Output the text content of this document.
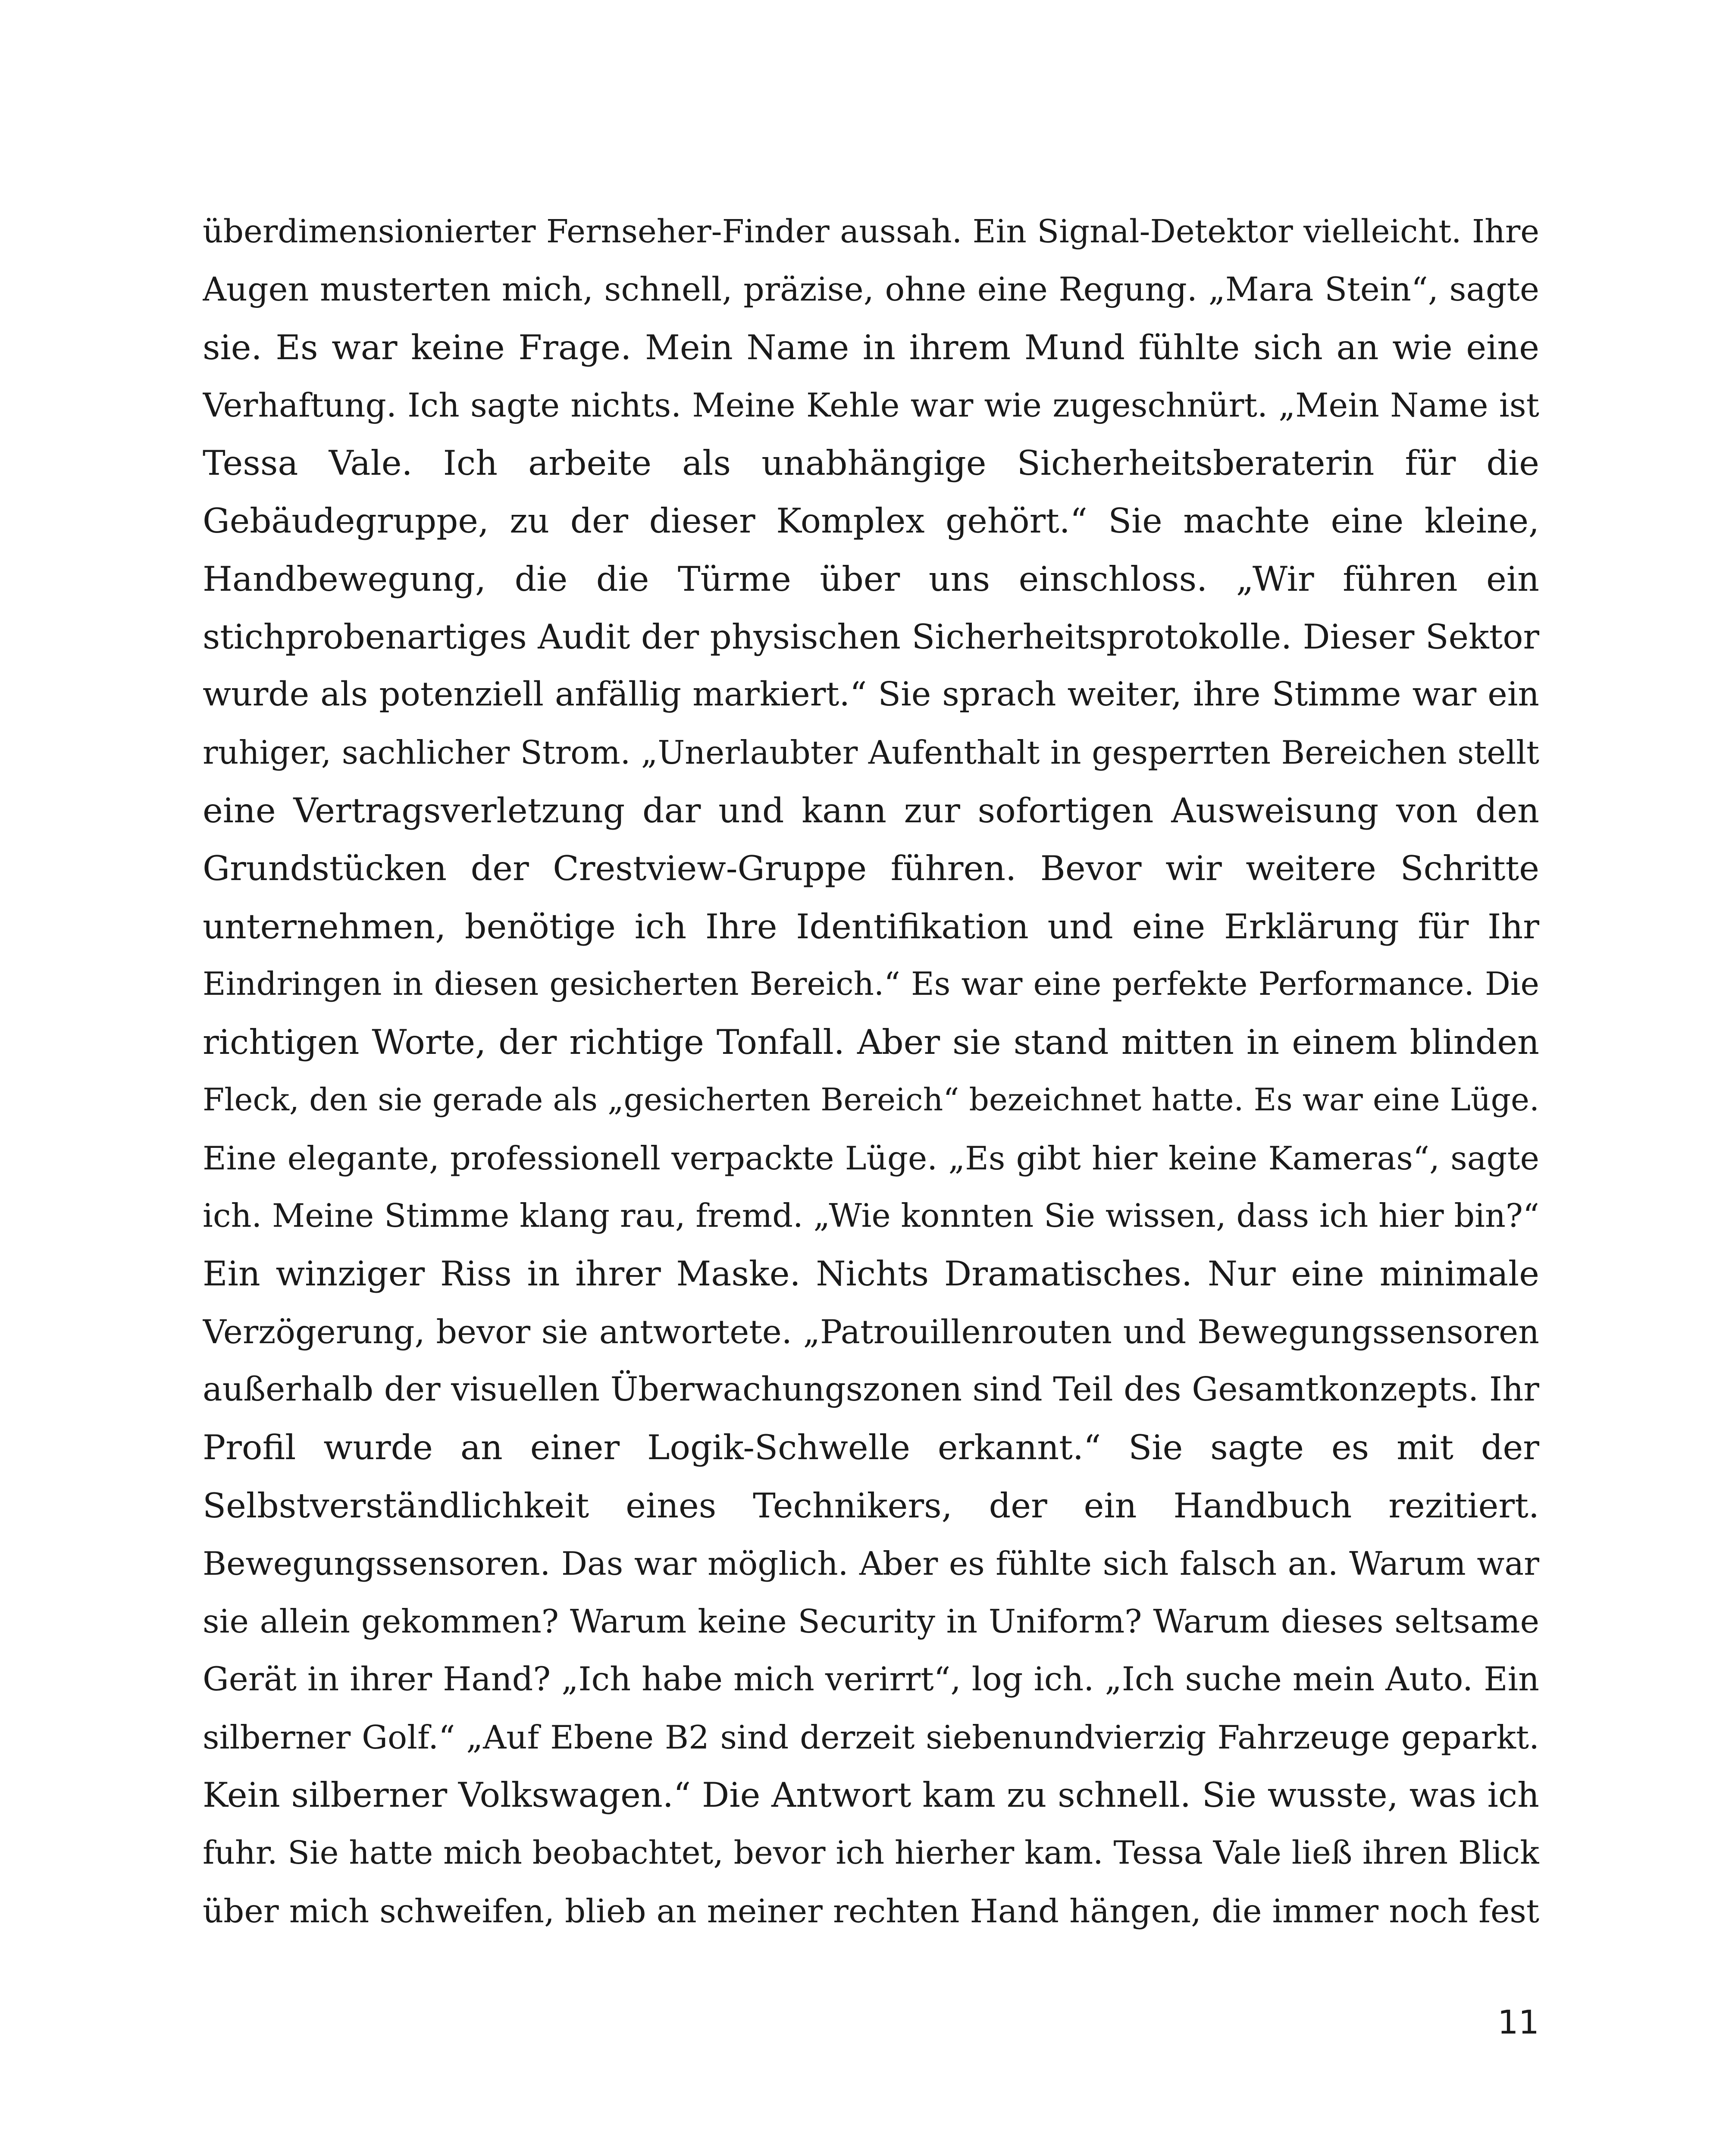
überdimensionierter Fernseher-Finder aussah. Ein Signal-Detektor vielleicht. Ihre
Augen musterten mich, schnell, präzise, ohne eine Regung. „Mara Stein“, sagte
sie. Es war keine Frage. Mein Name in ihrem Mund fühlte sich an wie eine
Verhaftung. Ich sagte nichts. Meine Kehle war wie zugeschnürt. „Mein Name ist
Tessa Vale. Ich arbeite als unabhängige Sicherheitsberaterin für die
Gebäudegruppe, zu der dieser Komplex gehört.“ Sie machte eine kleine,
Handbewegung, die die Türme über uns einschloss. „Wir führen ein
stichprobenartiges Audit der physischen Sicherheitsprotokolle. Dieser Sektor
wurde als potenziell anfällig markiert.“ Sie sprach weiter, ihre Stimme war ein
ruhiger, sachlicher Strom. „Unerlaubter Aufenthalt in gesperrten Bereichen stellt
eine Vertragsverletzung dar und kann zur sofortigen Ausweisung von den
Grundstücken der Crestview-Gruppe führen. Bevor wir weitere Schritte
unternehmen, benötige ich Ihre Identifikation und eine Erklärung für Ihr
Eindringen in diesen gesicherten Bereich.“ Es war eine perfekte Performance. Die
richtigen Worte, der richtige Tonfall. Aber sie stand mitten in einem blinden
Fleck, den sie gerade als „gesicherten Bereich“ bezeichnet hatte. Es war eine Lüge.
Eine elegante, professionell verpackte Lüge. „Es gibt hier keine Kameras“, sagte
ich. Meine Stimme klang rau, fremd. „Wie konnten Sie wissen, dass ich hier bin?“
Ein winziger Riss in ihrer Maske. Nichts Dramatisches. Nur eine minimale
Verzögerung, bevor sie antwortete. „Patrouillenrouten und Bewegungssensoren
außerhalb der visuellen Überwachungszonen sind Teil des Gesamtkonzepts. Ihr
Profil wurde an einer Logik-Schwelle erkannt.“ Sie sagte es mit der
Selbstverständlichkeit eines Technikers, der ein Handbuch rezitiert.
Bewegungssensoren. Das war möglich. Aber es fühlte sich falsch an. Warum war
sie allein gekommen? Warum keine Security in Uniform? Warum dieses seltsame
Gerät in ihrer Hand? „Ich habe mich verirrt“, log ich. „Ich suche mein Auto. Ein
silberner Golf.“ „Auf Ebene B2 sind derzeit siebenundvierzig Fahrzeuge geparkt.
Kein silberner Volkswagen.“ Die Antwort kam zu schnell. Sie wusste, was ich
fuhr. Sie hatte mich beobachtet, bevor ich hierher kam. Tessa Vale ließ ihren Blick
über mich schweifen, blieb an meiner rechten Hand hängen, die immer noch fest
11
